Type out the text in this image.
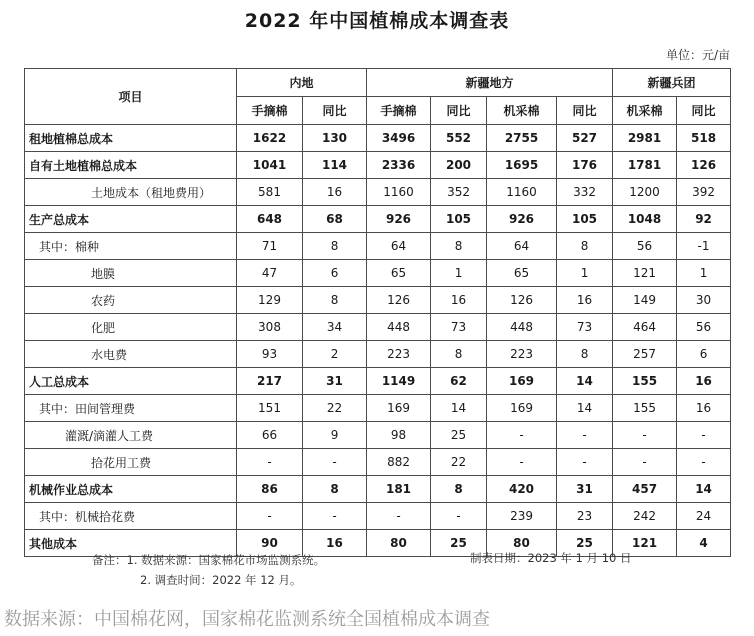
2022 年中国植棉成本调查表
单位：元/亩
项目	内地		新疆地方				新疆兵团	
	手摘棉	同比	手摘棉	同比	机采棉	同比	机采棉	同比
租地植棉总成本	1622	130	3496	552	2755	527	2981	518
自有土地植棉总成本	1041	114	2336	200	1695	176	1781	126
土地成本（租地费用）	581	16	1160	352	1160	332	1200	392
生产总成本	648	68	926	105	926	105	1048	92
其中：棉种	71	8	64	8	64	8	56	-1
地膜	47	6	65	1	65	1	121	1
农药	129	8	126	16	126	16	149	30
化肥	308	34	448	73	448	73	464	56
水电费	93	2	223	8	223	8	257	6
人工总成本	217	31	1149	62	169	14	155	16
其中：田间管理费	151	22	169	14	169	14	155	16
灌溉/滴灌人工费	66	9	98	25	-	-	-	-
拾花用工费	-	-	882	22	-	-	-	-
机械作业总成本	86	8	181	8	420	31	457	14
其中：机械拾花费	-	-	-	-	239	23	242	24
其他成本	90	16	80	25	80	25	121	4
备注：1. 数据来源：国家棉花市场监测系统。
2. 调查时间：2022 年 12 月。
制表日期：2023 年 1 月 10 日
数据来源：中国棉花网，国家棉花监测系统全国植棉成本调查
